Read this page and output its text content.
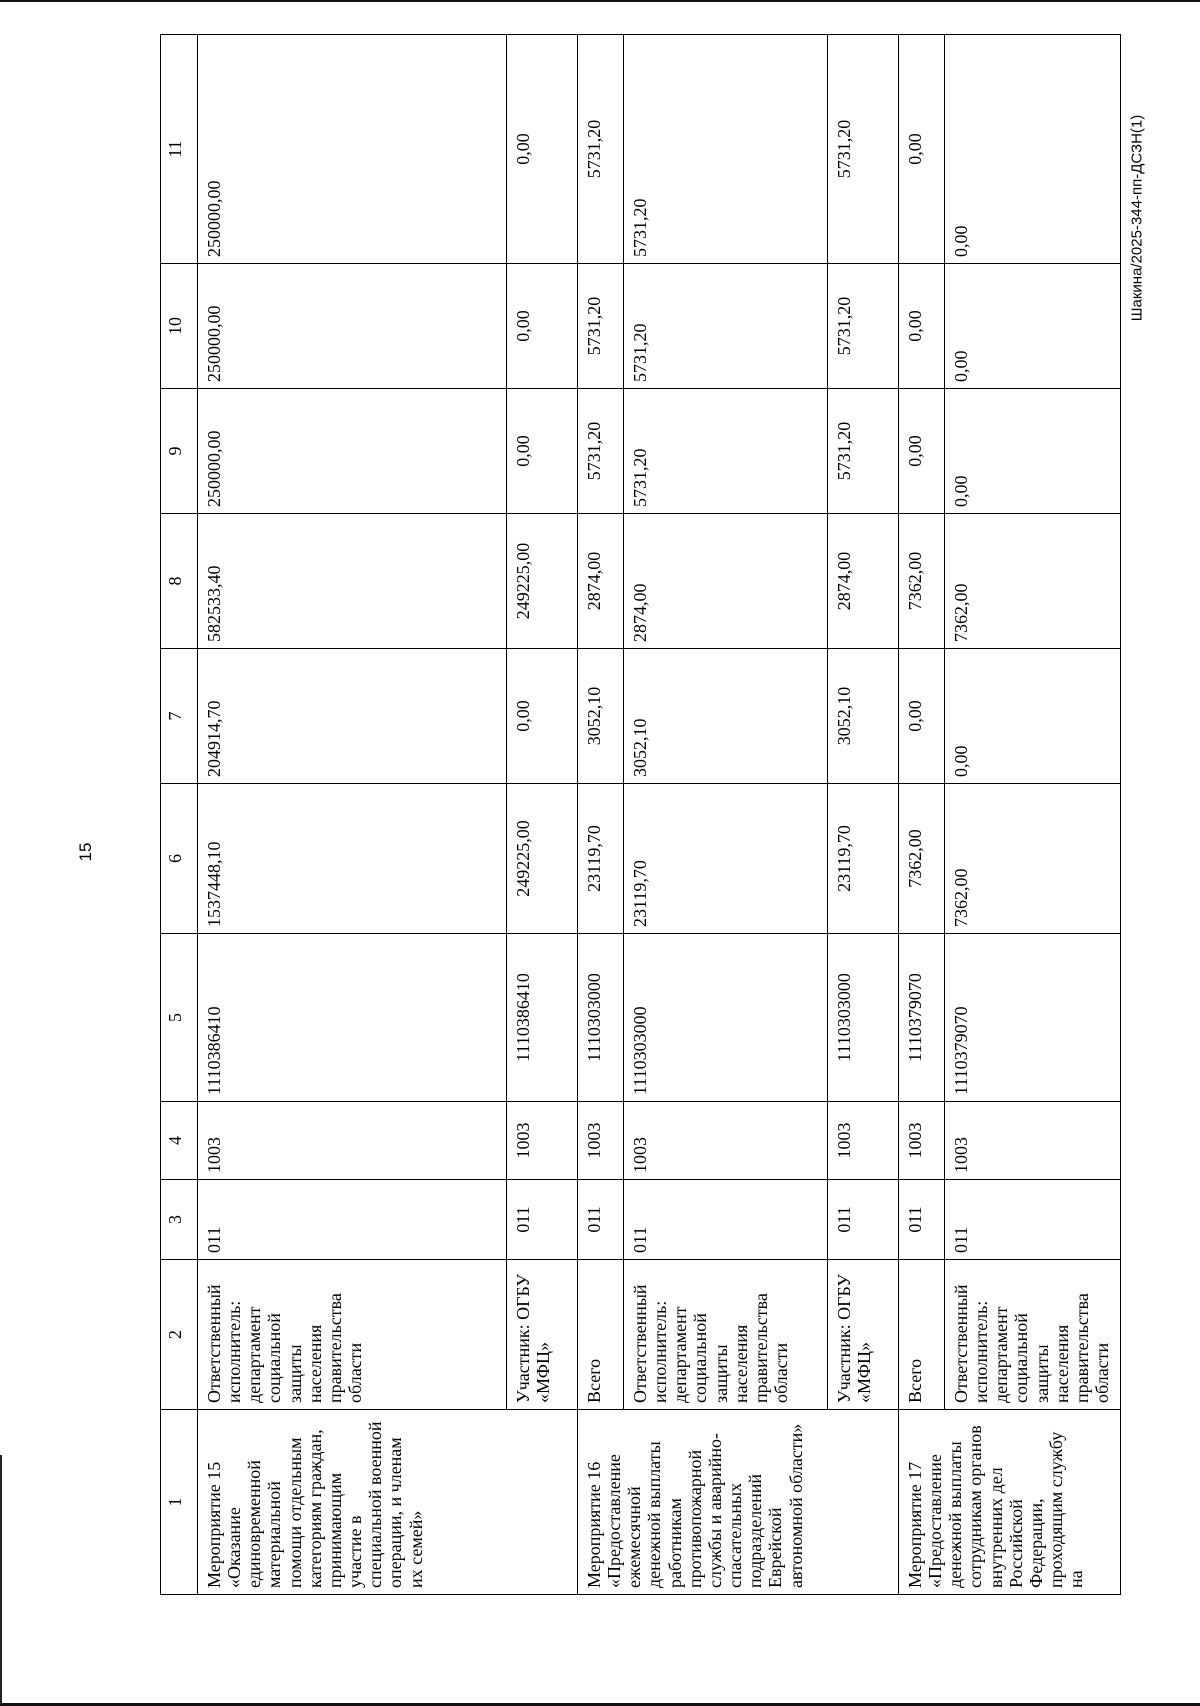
15
Шакина/2025-344-пп-ДСЗН(1)
1	2	3	4	5	6	7	8	9	10	11
Мероприятие 15 «Оказание единовременной материальной помощи отдельным категориям граждан, принимающим участие в специальной военной операции, и членам их семей»	Ответственный исполнитель: департамент социальной защиты населения правительства области	011	1003	1110386410	1537448,10	204914,70	582533,40	250000,00	250000,00	250000,00
	Участник: ОГБУ «МФЦ»	011	1003	1110386410	249225,00	0,00	249225,00	0,00	0,00	0,00
Мероприятие 16 «Предоставление ежемесячной денежной выплаты работникам противопожарной службы и аварийно-спасательных подразделений Еврейской автономной области»	Всего	011	1003	1110303000	23119,70	3052,10	2874,00	5731,20	5731,20	5731,20
	Ответственный исполнитель: департамент социальной защиты населения правительства области	011	1003	1110303000	23119,70	3052,10	2874,00	5731,20	5731,20	5731,20
	Участник: ОГБУ «МФЦ»	011	1003	1110303000	23119,70	3052,10	2874,00	5731,20	5731,20	5731,20
Мероприятие 17 «Предоставление денежной выплаты сотрудникам органов внутренних дел Российской Федерации, проходящим службу на	Всего	011	1003	1110379070	7362,00	0,00	7362,00	0,00	0,00	0,00
	Ответственный исполнитель: департамент социальной защиты населения правительства области	011	1003	1110379070	7362,00	0,00	7362,00	0,00	0,00	0,00
